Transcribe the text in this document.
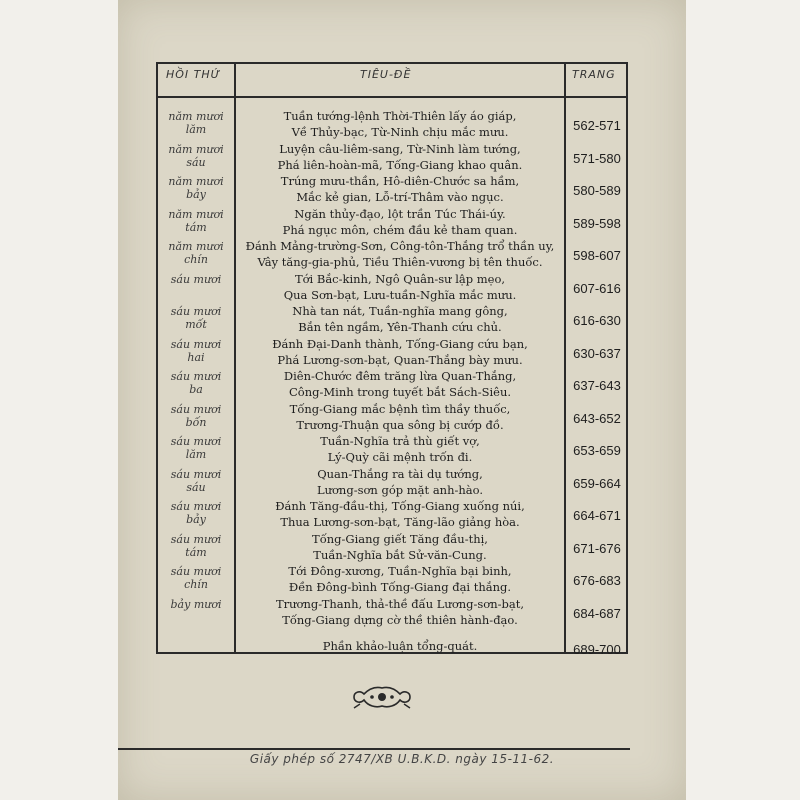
HỒI THỨ	TIÊU-ĐỀ	TRANG
năm mươi
lăm
năm mươi
sáu
năm mươi
bảy
năm mươi
tám
năm mươi
chín
sáu mươi
sáu mươi
mốt
sáu mươi
hai
sáu mươi
ba
sáu mươi
bốn
sáu mươi
lăm
sáu mươi
sáu
sáu mươi
bảy
sáu mươi
tám
sáu mươi
chín
bảy mươi
Tuần tướng-lệnh Thời-Thiên lấy áo giáp,
Về Thủy-bạc, Từ-Ninh chịu mắc mưu.
Luyện câu-liêm-sang, Từ-Ninh làm tướng,
Phá liên-hoàn-mã, Tống-Giang khao quân.
Trúng mưu-thần, Hô-diên-Chước sa hầm,
Mắc kẻ gian, Lỗ-trí-Thâm vào ngục.
Ngăn thủy-đạo, lột trần Túc Thái-úy.
Phá ngục môn, chém đầu kẻ tham quan.
Đánh Mảng-trường-Sơn, Công-tôn-Thắng trổ thần uy,
Vây tăng-gia-phủ, Tiều Thiên-vương bị tên thuốc.
Tới Bắc-kinh, Ngô Quân-sư lập mẹo,
Qua Sơn-bạt, Lưu-tuần-Nghĩa mắc mưu.
Nhà tan nát, Tuần-nghĩa mang gông,
Bắn tên ngầm, Yên-Thanh cứu chủ.
Đánh Đại-Danh thành, Tống-Giang cứu bạn,
Phá Lương-sơn-bạt, Quan-Thắng bày mưu.
Diên-Chước đêm trăng lừa Quan-Thắng,
Công-Minh trong tuyết bắt Sách-Siêu.
Tống-Giang mắc bệnh tìm thầy thuốc,
Trương-Thuận qua sông bị cướp đồ.
Tuần-Nghĩa trả thù giết vợ,
Lý-Quỳ cãi mệnh trốn đi.
Quan-Thắng ra tài dụ tướng,
Lương-sơn góp mặt anh-hào.
Đánh Tăng-đầu-thị, Tống-Giang xuống núi,
Thua Lương-sơn-bạt, Tăng-lão giảng hòa.
Tống-Giang giết Tăng đầu-thị,
Tuần-Nghĩa bắt Sử-văn-Cung.
Tới Đông-xương, Tuần-Nghĩa bại binh,
Đền Đông-bình Tống-Giang đại thắng.
Trương-Thanh, thả-thề đấu Lương-sơn-bạt,
Tống-Giang dựng cờ thề thiên hành-đạo.
Phần khảo-luận tổng-quát.
562-571
571-580
580-589
589-598
598-607
607-616
616-630
630-637
637-643
643-652
653-659
659-664
664-671
671-676
676-683
684-687
689-700
Giấy phép số 2747/XB U.B.K.D. ngày 15-11-62.
